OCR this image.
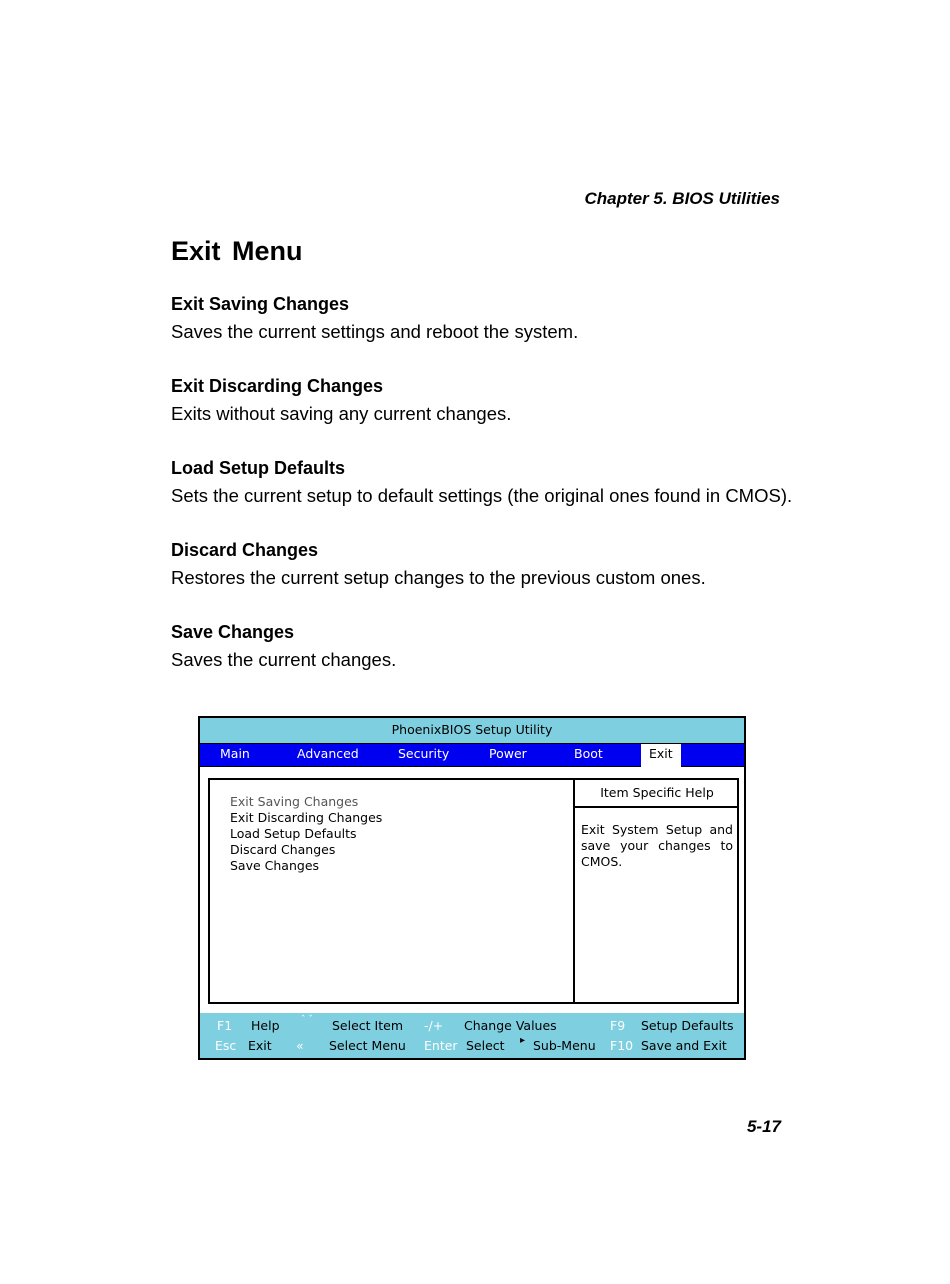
Chapter 5. BIOS Utilities
Exit Menu
Exit Saving Changes

Saves the current settings and reboot the system.

Exit Discarding Changes

Exits without saving any current changes.

Load Setup Defaults

Sets the current setup to default settings (the original ones found in CMOS).

Discard Changes

Restores the current setup changes to the previous custom ones.

Save Changes

Saves the current changes.

PhoenixBIOS Setup Utility
Main	Advanced	Security	Power	Boot	Exit
Exit Saving Changes
Exit Discarding Changes
Load Setup Defaults
Discard Changes
Save Changes
Item Specific Help
Exit System Setup and save your changes to CMOS.
F1 Help ˆ ˇ Select Item -/+ Change Values	F9 Setup Defaults
Esc Exit « Select Menu Enter Select ▸ Sub-Menu F10 Save and Exit
5-17
